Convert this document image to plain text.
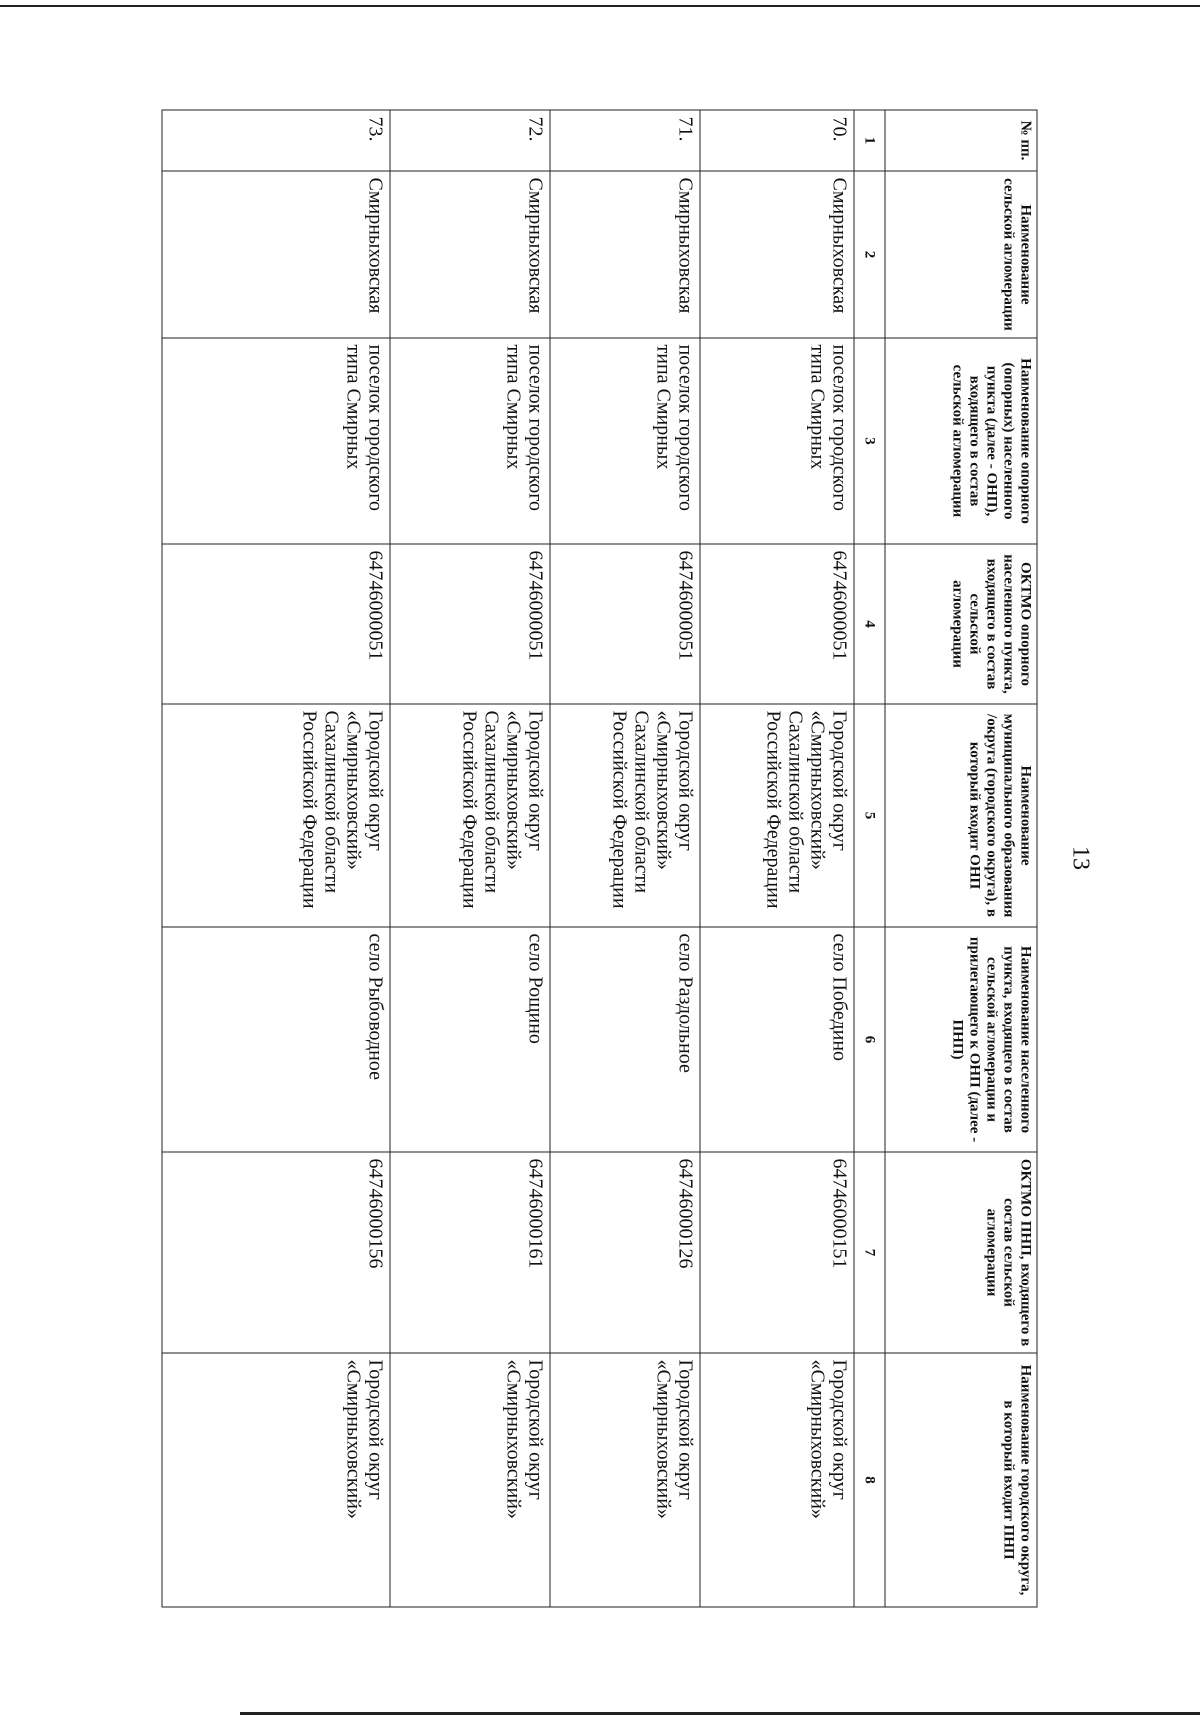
13
№ пп.	Наименование сельской агломерации	Наименование опорного (опорных) населенного пункта (далее - ОНП), входящего в состав сельской агломерации	ОКТМО опорного населенного пункта, входящего в состав сельской агломерации	Наименование муниципального образования /округа (городского округа), в который входит ОНП	Наименование населенного пункта, входящего в состав сельской агломерации и прилегающего к ОНП (далее - ПНП)	ОКТМО ПНП, входящего в состав сельской агломерации	Наименование городского округа, в который входит ПНП
1	2	3	4	5	6	7	8
70.	Смирныховская	поселок городского типа Смирных	64746000051	Городской округ «Смирныховский» Сахалинской области Российской Федерации	село Победино	64746000151	Городской округ «Смирныховский»
71.	Смирныховская	поселок городского типа Смирных	64746000051	Городской округ «Смирныховский» Сахалинской области Российской Федерации	село Раздольное	64746000126	Городской округ «Смирныховский»
72.	Смирныховская	поселок городского типа Смирных	64746000051	Городской округ «Смирныховский» Сахалинской области Российской Федерации	село Рощино	64746000161	Городской округ «Смирныховский»
73.	Смирныховская	поселок городского типа Смирных	64746000051	Городской округ «Смирныховский» Сахалинской области Российской Федерации	село Рыбоводное	64746000156	Городской округ «Смирныховский»
